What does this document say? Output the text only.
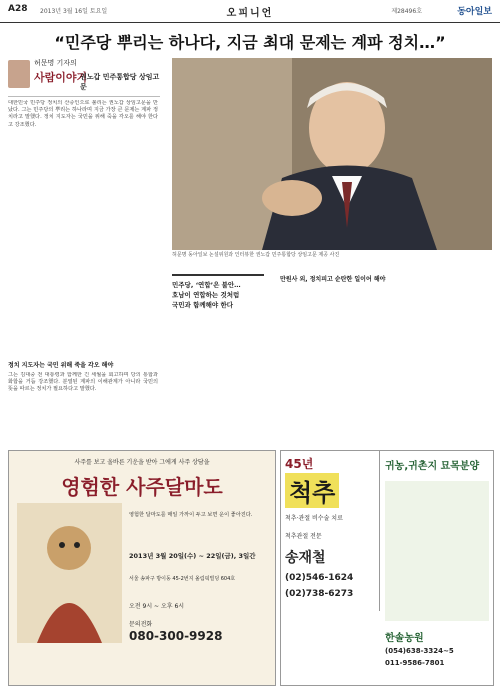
A28 2013년 3월 16일 토요일	오피니언	제28496호	동아일보
“민주당 뿌리는 하나다, 지금 최대 문제는 계파 정치…”
허문명 기자의
사람이야기
권노갑 민주통합당 상임고문
대한민국 민주당 정치의 산증인으로 불리는 권노갑 상임고문을 만났다. 그는 민주당의 뿌리는 하나라며 지금 가장 큰 문제는 계파 정치라고 말했다. 정치 지도자는 국민을 위해 죽을 각오를 해야 한다고 강조했다.
정치 지도자는 국민 위해 죽을 각오 해야
그는 김대중 전 대통령과 함께한 긴 세월을 회고하며 당의 통합과 화합을 거듭 강조했다. 분열된 계파의 이해관계가 아니라 국민의 뜻을 따르는 정치가 필요하다고 말했다.
허문명 동아일보 논설위원과 인터뷰한 권노갑 민주통합당 상임고문 제공 사진
민주당, ‘연합’은 불안…
호남이 연합하는 것처럼
국민과 함께해야 한다
만원사 외, 정치피고 순탄한 일이어 해야
사주를 보고 올바른 기운을 받아 그에게 사주 상담을
영험한 사주달마도
영험한 달마도를 매일 가까이 두고 보면 운이 좋아진다.
2013년 3월 20일(수) ~ 22일(금), 3일간
서울 송파구 방이동 45-2번지 올림픽빌딩 604호
오전 9시 ~ 오후 6시
문의전화
080-300-9928
45년
척추
척추·관절 비수술 치료
척추관절 전문
송재철
(02)546-1624
(02)738-6273
귀농,귀촌지 묘목분양
한솔농원
(054)638-3324~5
011-9586-7801
